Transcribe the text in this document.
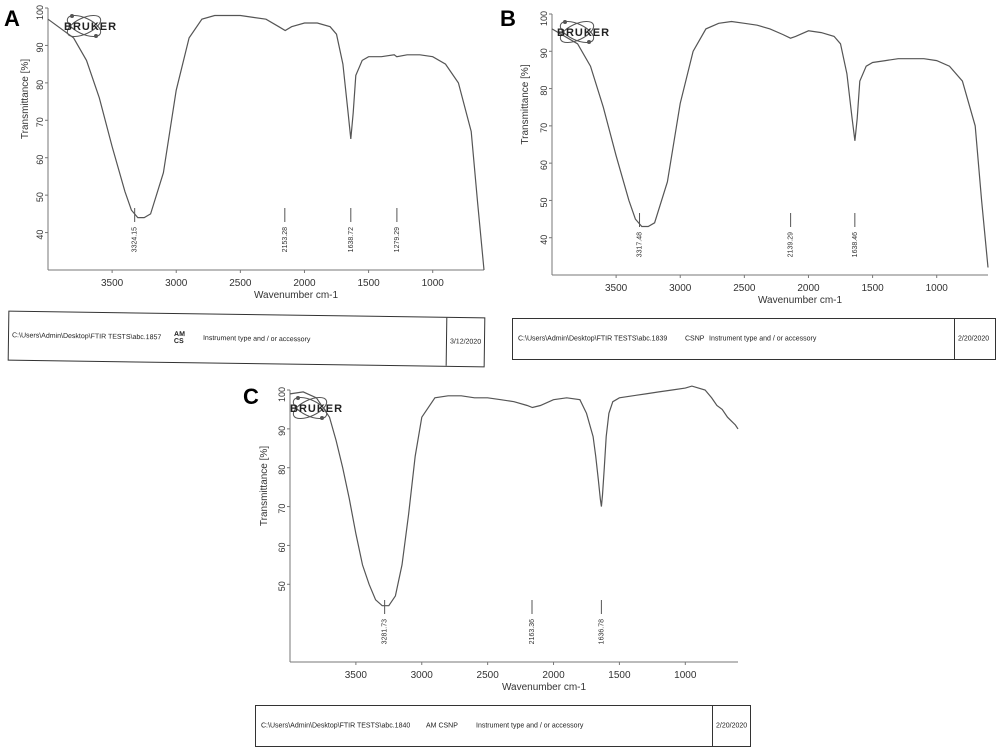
A
40
50
60
70
80
90
100
3500	3000	2500	2000	1500	1000
Transmittance [%]
Wavenumber cm-1
3324.15	2153.28	1638.72	1279.29
BRUKER
C:\Users\Admin\Desktop\FTIR TESTS\abc.1857 AM
CS	Instrument type and / or accessory	3/12/2020
B
40
50
60
70
80
90
100
3500	3000	2500	2000	1500	1000
Transmittance [%]
Wavenumber cm-1
3317.48	2139.29	1638.46
BRUKER
C:\Users\Admin\Desktop\FTIR TESTS\abc.1839	CSNP Instrument type and / or accessory	2/20/2020
C
50
60
70
80
90
100
3500	3000	2500	2000	1500	1000
Transmittance [%]
Wavenumber cm-1
3281.73	2163.36	1636.78
BRUKER
C:\Users\Admin\Desktop\FTIR TESTS\abc.1840 AM CSNP	Instrument type and / or accessory	2/20/2020
